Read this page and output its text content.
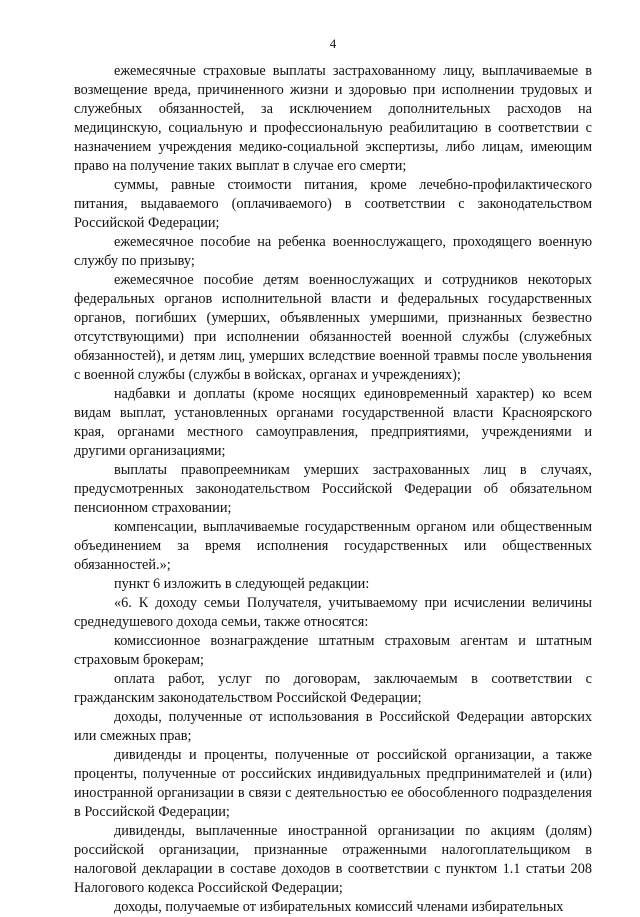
4

ежемесячные страховые выплаты застрахованному лицу, выплачиваемые в возмещение вреда, причиненного жизни и здоровью при исполнении трудовых и служебных обязанностей, за исключением дополнительных расходов на медицинскую, социальную и профессиональную реабилитацию в соответствии с назначением учреждения медико-социальной экспертизы, либо лицам, имеющим право на получение таких выплат в случае его смерти;

суммы, равные стоимости питания, кроме лечебно-профилактического питания, выдаваемого (оплачиваемого) в соответствии с законодательством Российской Федерации;

ежемесячное пособие на ребенка военнослужащего, проходящего военную службу по призыву;

ежемесячное пособие детям военнослужащих и сотрудников некоторых федеральных органов исполнительной власти и федеральных государственных органов, погибших (умерших, объявленных умершими, признанных безвестно отсутствующими) при исполнении обязанностей военной службы (служебных обязанностей), и детям лиц, умерших вследствие военной травмы после увольнения с военной службы (службы в войсках, органах и учреждениях);

надбавки и доплаты (кроме носящих единовременный характер) ко всем видам выплат, установленных органами государственной власти Красноярского края, органами местного самоуправления, предприятиями, учреждениями и другими организациями;

выплаты правопреемникам умерших застрахованных лиц в случаях, предусмотренных законодательством Российской Федерации об обязательном пенсионном страховании;

компенсации, выплачиваемые государственным органом или общественным объединением за время исполнения государственных или общественных обязанностей.»;

пункт 6 изложить в следующей редакции:

«6. К доходу семьи Получателя, учитываемому при исчислении величины среднедушевого дохода семьи, также относятся:

комиссионное вознаграждение штатным страховым агентам и штатным страховым брокерам;

оплата работ, услуг по договорам, заключаемым в соответствии с гражданским законодательством Российской Федерации;

доходы, полученные от использования в Российской Федерации авторских или смежных прав;

дивиденды и проценты, полученные от российской организации, а также проценты, полученные от российских индивидуальных предпринимателей и (или) иностранной организации в связи с деятельностью ее обособленного подразделения в Российской Федерации;

дивиденды, выплаченные иностранной организации по акциям (долям) российской организации, признанные отраженными налогоплательщиком в налоговой декларации в составе доходов в соответствии с пунктом 1.1 статьи 208 Налогового кодекса Российской Федерации;

доходы, получаемые от избирательных комиссий членами избирательных
